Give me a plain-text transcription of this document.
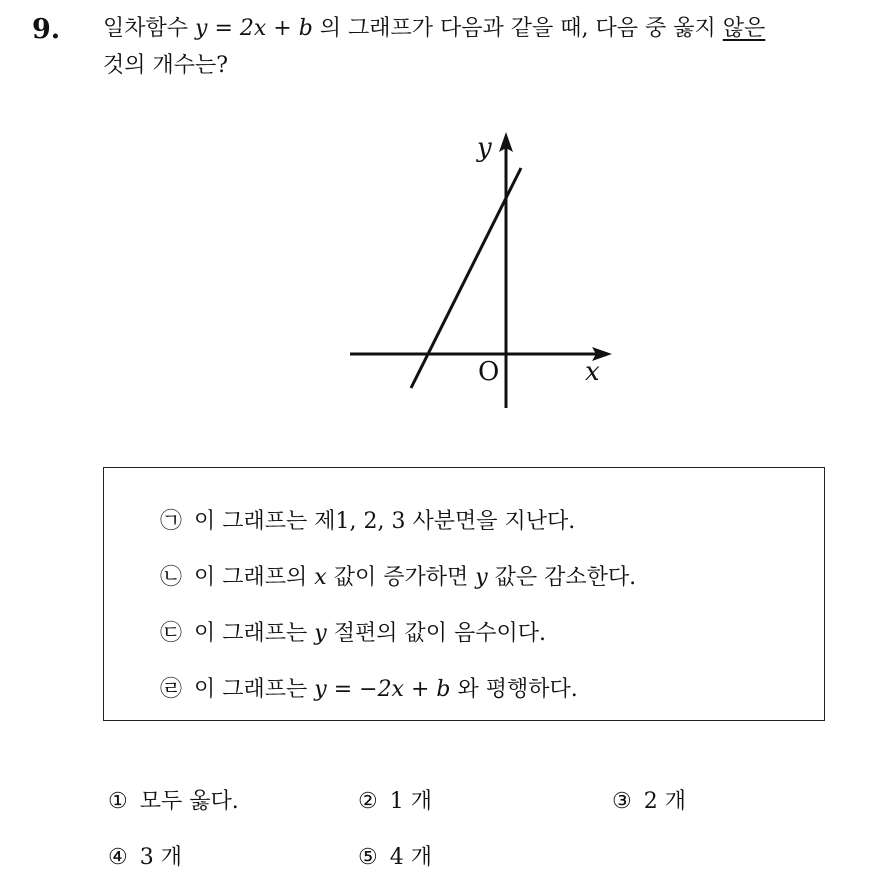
9. 일차함수 y = 2x + b 의 그래프가 다음과 같을 때, 다음 중 옳지 않은
것의 개수는?
y
x
O
㉠ 이 그래프는 제1, 2, 3 사분면을 지난다.
㉡ 이 그래프의 x 값이 증가하면 y 값은 감소한다.
㉢ 이 그래프는 y 절편의 값이 음수이다.
㉣ 이 그래프는 y = −2x + b 와 평행하다.
① 모두 옳다.	② 1 개	③ 2 개
④ 3 개	⑤ 4 개
